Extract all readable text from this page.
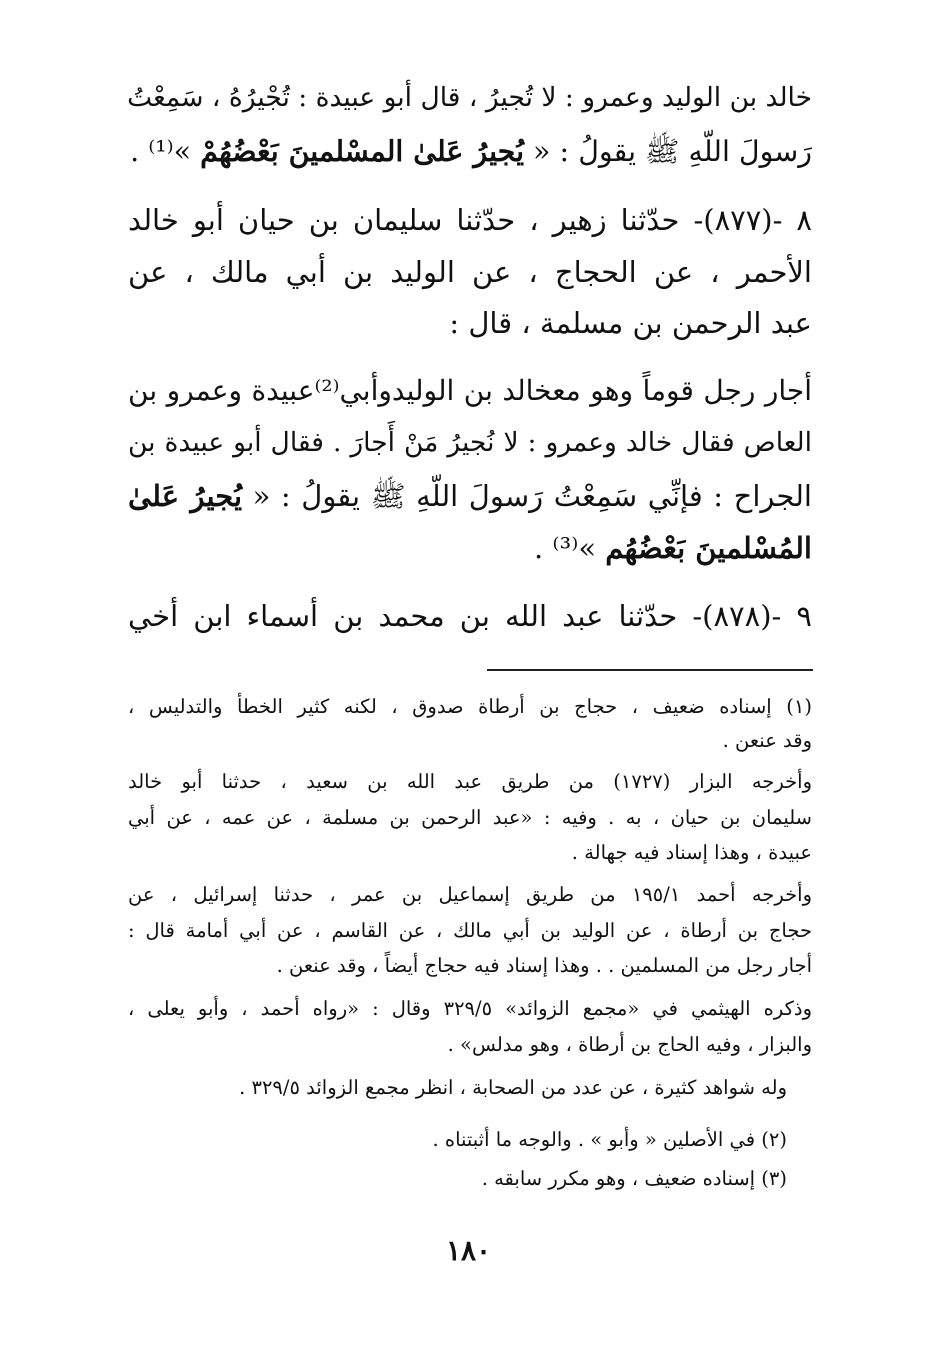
خالد بن الوليد وعمرو : لا تُجيرُ ، قال أبو عبيدة : تُجْيرُهُ ، سَمِعْتُ
رَسولَ اللّهِ ﷺ يقولُ : « يُجيرُ عَلىٰ المسْلمينَ بَعْضُهُمْ »⁽¹⁾ .
٨ -(٨٧٧)- حدّثنا زهير ، حدّثنا سليمان بن حيان أبو خالد
الأحمر ، عن الحجاج ، عن الوليد بن أبي مالك ، عن
عبد الرحمن بن مسلمة ، قال :
أجار رجل قوماً وهو معخالد بن الوليدوأبي⁽²⁾عبيدة وعمرو بن
العاص فقال خالد وعمرو : لا نُجيرُ مَنْ أَجارَ . فقال أبو عبيدة بن
الجراح : فإنِّي سَمِعْتُ رَسولَ اللّهِ ﷺ يقولُ : « يُجيرُ عَلىٰ
المُسْلمينَ بَعْضُهُم »⁽³⁾ .
٩ -(٨٧٨)- حدّثنا عبد الله بن محمد بن أسماء ابن أخي
(١) إسناده ضعيف ، حجاج بن أرطاة صدوق ، لكنه كثير الخطأ والتدليس ،
وقد عنعن .
وأخرجه البزار (١٧٢٧) من طريق عبد الله بن سعيد ، حدثنا أبو خالد
سليمان بن حيان ، به . وفيه : «عبد الرحمن بن مسلمة ، عن عمه ، عن أبي
عبيدة ، وهذا إسناد فيه جهالة .
وأخرجه أحمد ١٩٥/١ من طريق إسماعيل بن عمر ، حدثنا إسرائيل ، عن
حجاج بن أرطاة ، عن الوليد بن أبي مالك ، عن القاسم ، عن أبي أمامة قال :
أجار رجل من المسلمين . . وهذا إسناد فيه حجاج أيضاً ، وقد عنعن .
وذكره الهيثمي في «مجمع الزوائد» ٣٢٩/٥ وقال : «رواه أحمد ، وأبو يعلى ،
والبزار ، وفيه الحاج بن أرطاة ، وهو مدلس» .
وله شواهد كثيرة ، عن عدد من الصحابة ، انظر مجمع الزوائد ٣٢٩/٥ .
(٢) في الأصلين « وأبو » . والوجه ما أثبتناه .
(٣) إسناده ضعيف ، وهو مكرر سابقه .
١٨٠
